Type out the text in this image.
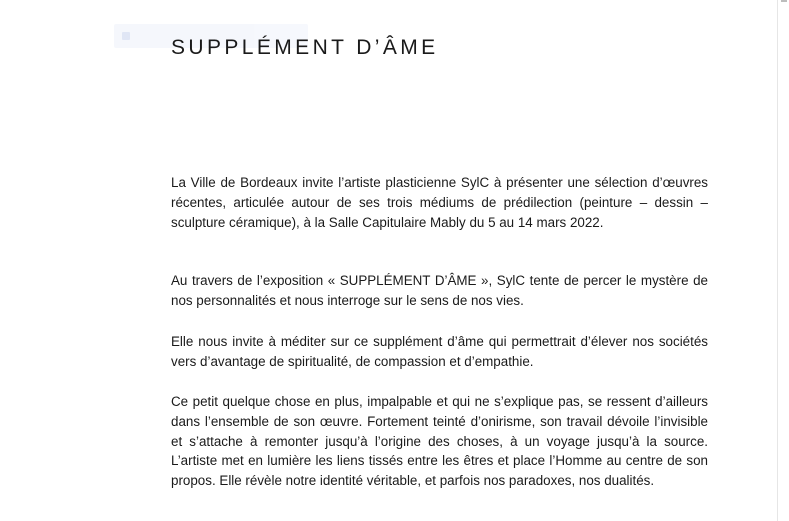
SUPPLÉMENT D’ÂME

La Ville de Bordeaux invite l’artiste plasticienne SylC à présenter une sélection d’œuvres récentes, articulée autour de ses trois médiums de prédilection (peinture – dessin – sculpture céramique), à la Salle Capitulaire Mably du 5 au 14 mars 2022.

Au travers de l’exposition « SUPPLÉMENT D’ÂME », SylC tente de percer le mystère de nos personnalités et nous interroge sur le sens de nos vies.

Elle nous invite à méditer sur ce supplément d’âme qui permettrait d’élever nos sociétés vers d’avantage de spiritualité, de compassion et d’empathie.

Ce petit quelque chose en plus, impalpable et qui ne s’explique pas, se ressent d’ailleurs dans l’ensemble de son œuvre. Fortement teinté d’onirisme, son travail dévoile l’invisible et s’attache à remonter jusqu’à l’origine des choses, à un voyage jusqu’à la source. L’artiste met en lumière les liens tissés entre les êtres et place l’Homme au centre de son propos. Elle révèle notre identité véritable, et parfois nos paradoxes, nos dualités.
